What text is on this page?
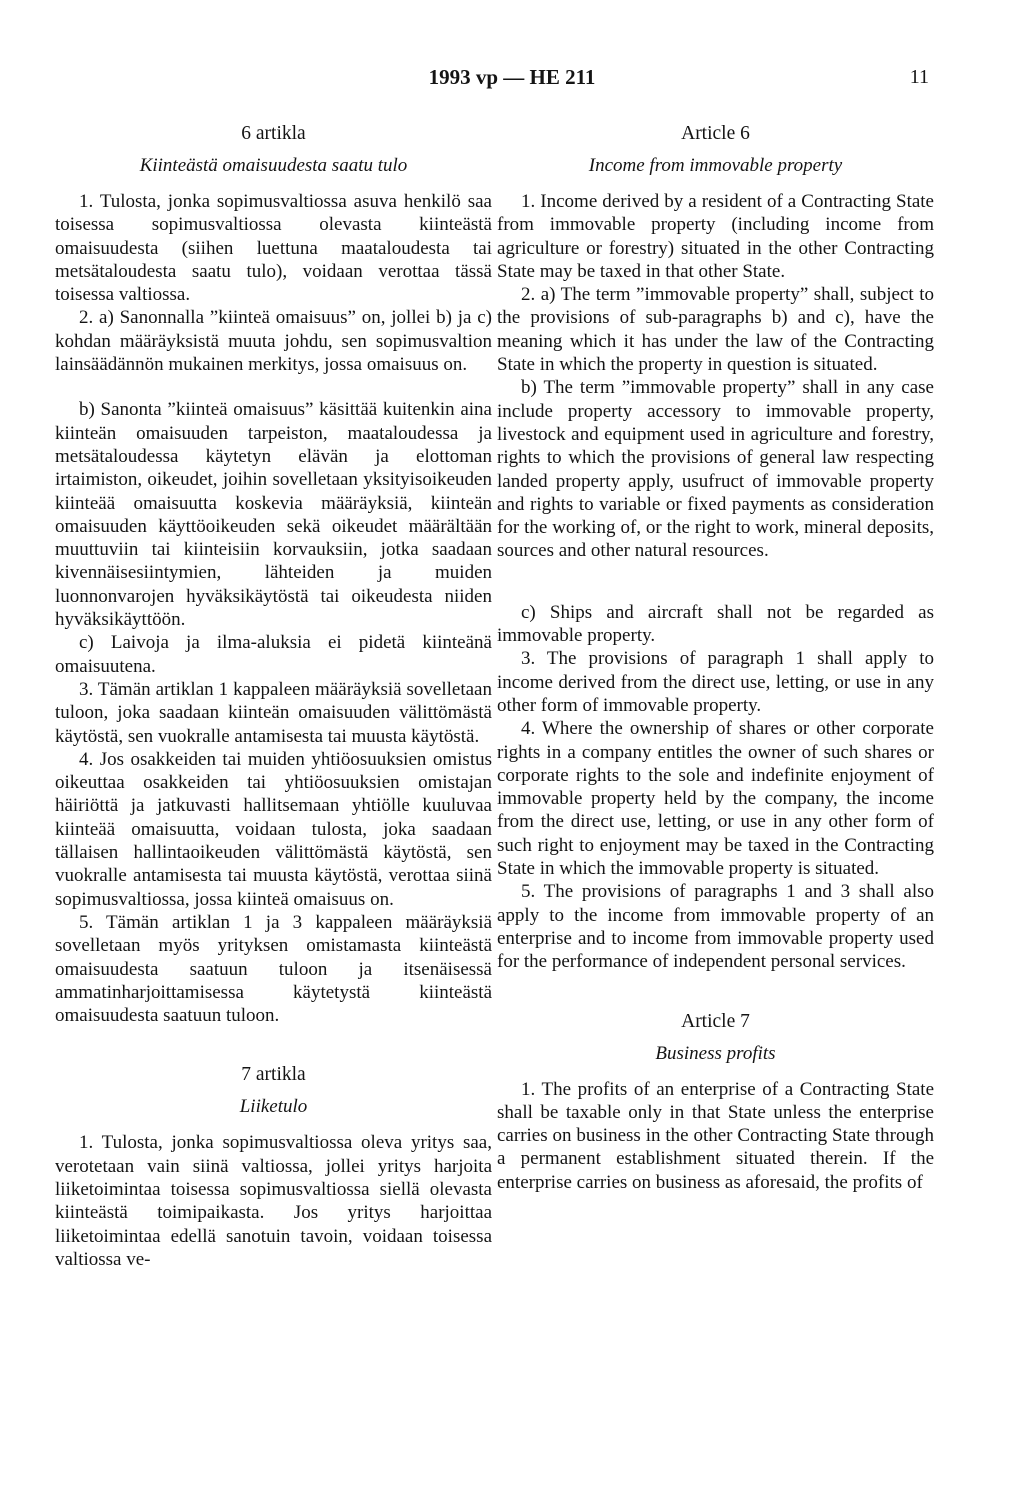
1993 vp — HE 211	11

6 artikla

Kiinteästä omaisuudesta saatu tulo

1. Tulosta, jonka sopimusvaltiossa asuva henkilö saa toisessa sopimusvaltiossa olevasta kiinteästä omaisuudesta (siihen luettuna maataloudesta tai metsätaloudesta saatu tulo), voidaan verottaa tässä toisessa valtiossa.

2. a) Sanonnalla ”kiinteä omaisuus” on, jollei b) ja c) kohdan määräyksistä muuta johdu, sen sopimusvaltion lainsäädännön mukainen merkitys, jossa omaisuus on.

b) Sanonta ”kiinteä omaisuus” käsittää kuitenkin aina kiinteän omaisuuden tarpeiston, maataloudessa ja metsätaloudessa käytetyn elävän ja elottoman irtaimiston, oikeudet, joihin sovelletaan yksityisoikeuden kiinteää omaisuutta koskevia määräyksiä, kiinteän omaisuuden käyttöoikeuden sekä oikeudet määrältään muuttuviin tai kiinteisiin korvauksiin, jotka saadaan kivennäisesiintymien, lähteiden ja muiden luonnonvarojen hyväksikäytöstä tai oikeudesta niiden hyväksikäyttöön.

c) Laivoja ja ilma-aluksia ei pidetä kiinteänä omaisuutena.

3. Tämän artiklan 1 kappaleen määräyksiä sovelletaan tuloon, joka saadaan kiinteän omaisuuden välittömästä käytöstä, sen vuokralle antamisesta tai muusta käytöstä.

4. Jos osakkeiden tai muiden yhtiöosuuksien omistus oikeuttaa osakkeiden tai yhtiöosuuksien omistajan häiriöttä ja jatkuvasti hallitsemaan yhtiölle kuuluvaa kiinteää omaisuutta, voidaan tulosta, joka saadaan tällaisen hallintaoikeuden välittömästä käytöstä, sen vuokralle antamisesta tai muusta käytöstä, verottaa siinä sopimusvaltiossa, jossa kiinteä omaisuus on.

5. Tämän artiklan 1 ja 3 kappaleen määräyksiä sovelletaan myös yrityksen omistamasta kiinteästä omaisuudesta saatuun tuloon ja itsenäisessä ammatinharjoittamisessa käytetystä kiinteästä omaisuudesta saatuun tuloon.

7 artikla

Liiketulo

1. Tulosta, jonka sopimusvaltiossa oleva yritys saa, verotetaan vain siinä valtiossa, jollei yritys harjoita liiketoimintaa toisessa sopimusvaltiossa siellä olevasta kiinteästä toimipaikasta. Jos yritys harjoittaa liiketoimintaa edellä sanotuin tavoin, voidaan toisessa valtiossa ve-

Article 6

Income from immovable property

1. Income derived by a resident of a Contracting State from immovable property (including income from agriculture or forestry) situated in the other Contracting State may be taxed in that other State.

2. a) The term ”immovable property” shall, subject to the provisions of sub-paragraphs b) and c), have the meaning which it has under the law of the Contracting State in which the property in question is situated.

b) The term ”immovable property” shall in any case include property accessory to immovable property, livestock and equipment used in agriculture and forestry, rights to which the provisions of general law respecting landed property apply, usufruct of immovable property and rights to variable or fixed payments as consideration for the working of, or the right to work, mineral deposits, sources and other natural resources.

c) Ships and aircraft shall not be regarded as immovable property.

3. The provisions of paragraph 1 shall apply to income derived from the direct use, letting, or use in any other form of immovable property.

4. Where the ownership of shares or other corporate rights in a company entitles the owner of such shares or corporate rights to the sole and indefinite enjoyment of immovable property held by the company, the income from the direct use, letting, or use in any other form of such right to enjoyment may be taxed in the Contracting State in which the immovable property is situated.

5. The provisions of paragraphs 1 and 3 shall also apply to the income from immovable property of an enterprise and to income from immovable property used for the performance of independent personal services.

Article 7

Business profits

1. The profits of an enterprise of a Contracting State shall be taxable only in that State unless the enterprise carries on business in the other Contracting State through a permanent establishment situated therein. If the enterprise carries on business as aforesaid, the profits of
